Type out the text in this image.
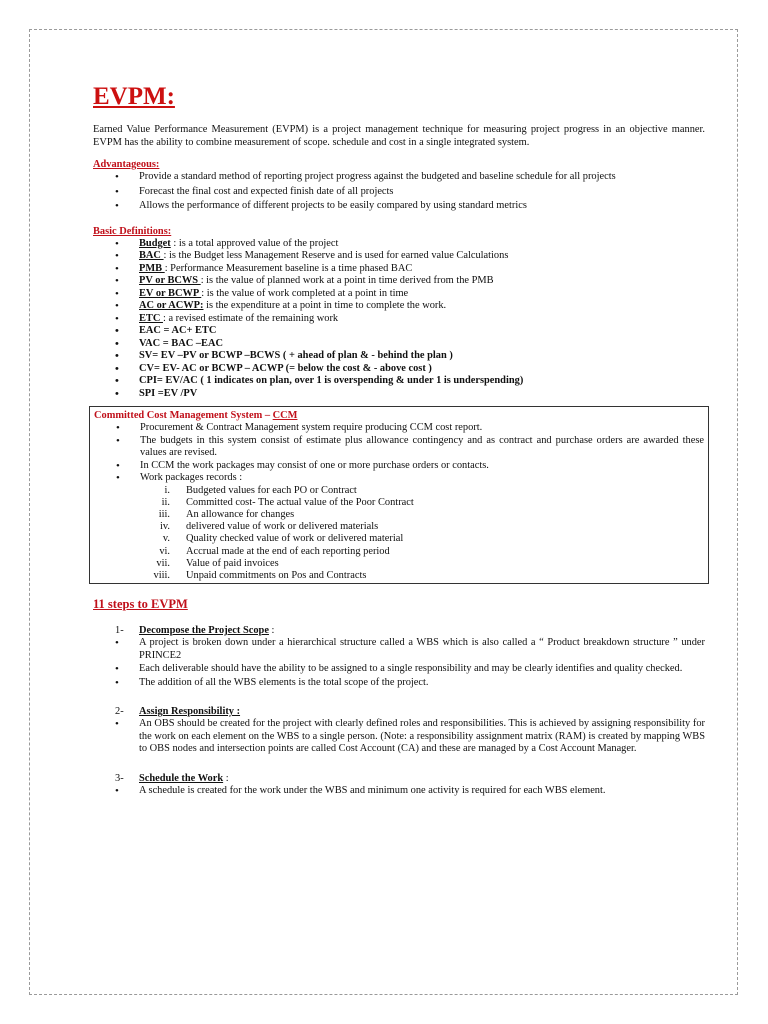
EVPM:

Earned Value Performance Measurement (EVPM) is a project management technique for measuring project progress in an objective manner. EVPM has the ability to combine measurement of scope. schedule and cost in a single integrated system.

Advantageous:
• Provide a standard method of reporting project progress against the budgeted and baseline schedule for all projects
• Forecast the final cost and expected finish date of all projects
• Allows the performance of different projects to be easily compared by using standard metrics
Basic Definitions:
• Budget : is a total approved value of the project
• BAC : is the Budget less Management Reserve and is used for earned value Calculations
• PMB : Performance Measurement baseline is a time phased BAC
• PV or BCWS : is the value of planned work at a point in time derived from the PMB
• EV or BCWP : is the value of work completed at a point in time
• AC or ACWP: is the expenditure at a point in time to complete the work.
• ETC : a revised estimate of the remaining work
• EAC = AC+ ETC
• VAC = BAC –EAC
• SV= EV –PV or BCWP –BCWS ( + ahead of plan & - behind the plan )
• CV= EV- AC or BCWP – ACWP (= below the cost & - above cost )
• CPI= EV/AC ( 1 indicates on plan, over 1 is overspending & under 1 is underspending)
• SPI =EV /PV
Committed Cost Management System – CCM
• Procurement & Contract Management system require producing CCM cost report.
• The budgets in this system consist of estimate plus allowance contingency and as contract and purchase orders are awarded these values are revised.
• In CCM the work packages may consist of one or more purchase orders or contacts.
• Work packages records :
i. Budgeted values for each PO or Contract
ii. Committed cost- The actual value of the Poor Contract
iii. An allowance for changes
iv. delivered value of work or delivered materials
v. Quality checked value of work or delivered material
vi. Accrual made at the end of each reporting period
vii. Value of paid invoices
viii. Unpaid commitments on Pos and Contracts
11 steps to EVPM
1- Decompose the Project Scope :
• A project is broken down under a hierarchical structure called a WBS which is also called a “ Product breakdown structure ” under PRINCE2
• Each deliverable should have the ability to be assigned to a single responsibility and may be clearly identifies and quality checked.
• The addition of all the WBS elements is the total scope of the project.
2- Assign Responsibility :
• An OBS should be created for the project with clearly defined roles and responsibilities. This is achieved by assigning responsibility for the work on each element on the WBS to a single person. (Note: a responsibility assignment matrix (RAM) is created by mapping WBS to OBS nodes and intersection points are called Cost Account (CA) and these are managed by a Cost Account Manager.
3- Schedule the Work :
• A schedule is created for the work under the WBS and minimum one activity is required for each WBS element.
